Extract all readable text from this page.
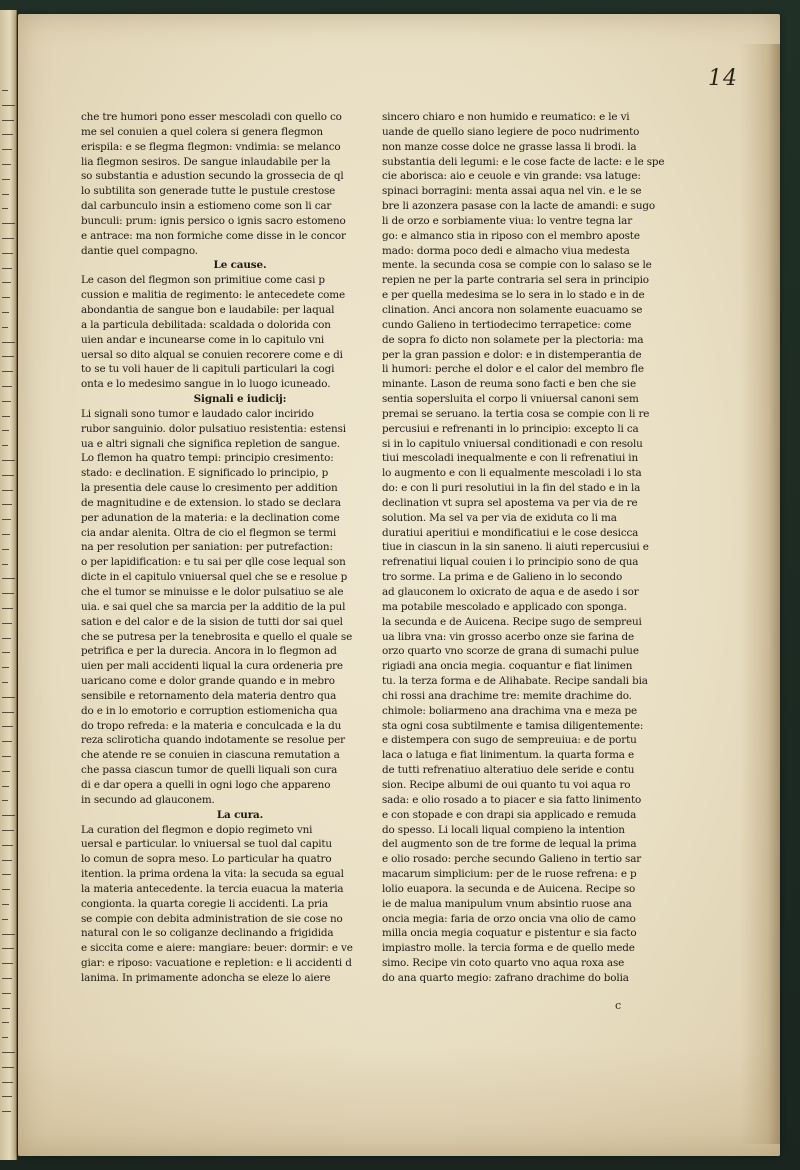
14
che tre humori pono esser mescoladi con quello co
me sel conuien a quel colera si genera flegmon
erispila: e se flegma flegmon: vndimia: se melanco
lia flegmon sesiros. De sangue inlaudabile per la
so substantia e adustion secundo la grossecia de ql
lo subtilita son generade tutte le pustule crestose
dal carbunculo insin a estiomeno come son li car
bunculi: prum: ignis persico o ignis sacro estomeno
e antrace: ma non formiche come disse in le concor
dantie quel compagno.
Le cause.
Le cason del flegmon son primitiue come casi p
cussion e malitia de regimento: le antecedete come
abondantia de sangue bon e laudabile: per laqual
a la particula debilitada: scaldada o dolorida con
uien andar e incunearse come in lo capitulo vni
uersal so dito alqual se conuien recorere come e di
to se tu voli hauer de li capituli particulari la cogi
onta e lo medesimo sangue in lo luogo icuneado.
Signali e iudicij:
Li signali sono tumor e laudado calor incirido
rubor sanguinio. dolor pulsatiuo resistentia: estensi
ua e altri signali che significa repletion de sangue.
Lo flemon ha quatro tempi: principio cresimento:
stado: e declination. E significado lo principio, p
la presentia dele cause lo cresimento per addition
de magnitudine e de extension. lo stado se declara
per adunation de la materia: e la declination come
cia andar alenita. Oltra de cio el flegmon se termi
na per resolution per saniation: per putrefaction:
o per lapidification: e tu sai per qlle cose lequal son
dicte in el capitulo vniuersal quel che se e resolue p
che el tumor se minuisse e le dolor pulsatiuo se ale
uia. e sai quel che sa marcia per la additio de la pul
sation e del calor e de la sision de tutti dor sai quel
che se putresa per la tenebrosita e quello el quale se
petrifica e per la durecia. Ancora in lo flegmon ad
uien per mali accidenti liqual la cura ordeneria pre
uaricano come e dolor grande quando e in mebro
sensibile e retornamento dela materia dentro qua
do e in lo emotorio e corruption estiomenicha qua
do tropo refreda: e la materia e conculcada e la du
reza scliroticha quando indotamente se resolue per
che atende re se conuien in ciascuna remutation a
che passa ciascun tumor de quelli liquali son cura
di e dar opera a quelli in ogni logo che appareno
in secundo ad glauconem.
La cura.
La curation del flegmon e dopio regimeto vni
uersal e particular. lo vniuersal se tuol dal capitu
lo comun de sopra meso. Lo particular ha quatro
itention. la prima ordena la vita: la secuda sa egual
la materia antecedente. la tercia euacua la materia
congionta. la quarta coregie li accidenti. La pria
se compie con debita administration de sie cose no
natural con le so coliganze declinando a frigidida
e siccita come e aiere: mangiare: beuer: dormir: e ve
giar: e riposo: vacuatione e repletion: e li accidenti d
lanima. In primamente adoncha se eleze lo aiere
sincero chiaro e non humido e reumatico: e le vi
uande de quello siano legiere de poco nudrimento
non manze cosse dolce ne grasse lassa li brodi. la
substantia deli legumi: e le cose facte de lacte: e le spe
cie aborisca: aio e ceuole e vin grande: vsa latuge:
spinaci borragini: menta assai aqua nel vin. e le se
bre li azonzera pasase con la lacte de amandi: e sugo
li de orzo e sorbiamente viua: lo ventre tegna lar
go: e almanco stia in riposo con el membro aposte
mado: dorma poco dedi e almacho viua medesta
mente. la secunda cosa se compie con lo salaso se le
repien ne per la parte contraria sel sera in principio
e per quella medesima se lo sera in lo stado e in de
clination. Anci ancora non solamente euacuamo se
cundo Galieno in tertiodecimo terrapetice: come
de sopra fo dicto non solamete per la plectoria: ma
per la gran passion e dolor: e in distemperantia de
li humori: perche el dolor e el calor del membro fle
minante. Lason de reuma sono facti e ben che sie
sentia sopersluita el corpo li vniuersal canoni sem
premai se seruano. la tertia cosa se compie con li re
percusiui e refrenanti in lo principio: excepto li ca
si in lo capitulo vniuersal conditionadi e con resolu
tiui mescoladi inequalmente e con li refrenatiui in
lo augmento e con li equalmente mescoladi i lo sta
do: e con li puri resolutiui in la fin del stado e in la
declination vt supra sel apostema va per via de re
solution. Ma sel va per via de exiduta co li ma
duratiui aperitiui e mondificatiui e le cose desicca
tiue in ciascun in la sin saneno. li aiuti repercusiui e
refrenatiui liqual couien i lo principio sono de qua
tro sorme. La prima e de Galieno in lo secondo
ad glauconem lo oxicrato de aqua e de asedo i sor
ma potabile mescolado e applicado con sponga.
la secunda e de Auicena. Recipe sugo de sempreui
ua libra vna: vin grosso acerbo onze sie farina de
orzo quarto vno scorze de grana di sumachi pulue
rigiadi ana oncia megia. coquantur e fiat linimen
tu. la terza forma e de Alihabate. Recipe sandali bia
chi rossi ana drachime tre: memite drachime do.
chimole: boliarmeno ana drachima vna e meza pe
sta ogni cosa subtilmente e tamisa diligentemente:
e distempera con sugo de sempreuiua: e de portu
laca o latuga e fiat linimentum. la quarta forma e
de tutti refrenatiuo alteratiuo dele seride e contu
sion. Recipe albumi de oui quanto tu voi aqua ro
sada: e olio rosado a to piacer e sia fatto linimento
e con stopade e con drapi sia applicado e remuda
do spesso. Li locali liqual compieno la intention
del augmento son de tre forme de lequal la prima
e olio rosado: perche secundo Galieno in tertio sar
macarum simplicium: per de le ruose refrena: e p
lolio euapora. la secunda e de Auicena. Recipe so
ie de malua manipulum vnum absintio ruose ana
oncia megia: faria de orzo oncia vna olio de camo
milla oncia megia coquatur e pistentur e sia facto
impiastro molle. la tercia forma e de quello mede
simo. Recipe vin coto quarto vno aqua roxa ase
do ana quarto megio: zafrano drachime do bolia
c
